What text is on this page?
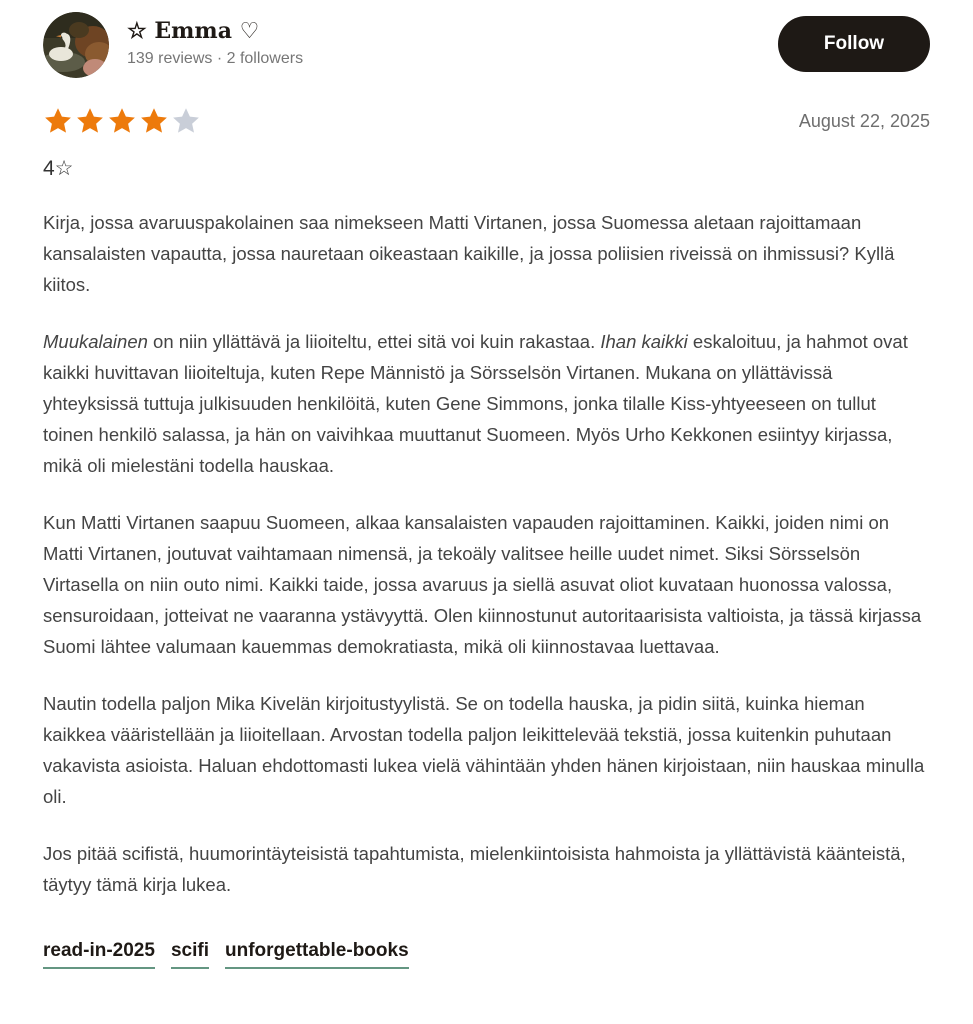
☆ Emma ♡
139 reviews · 2 followers
Follow
August 22, 2025
4☆

Kirja, jossa avaruuspakolainen saa nimekseen Matti Virtanen, jossa Suomessa aletaan rajoittamaan kansalaisten vapautta, jossa nauretaan oikeastaan kaikille, ja jossa poliisien riveissä on ihmissusi? Kyllä kiitos.

Muukalainen on niin yllättävä ja liioiteltu, ettei sitä voi kuin rakastaa. Ihan kaikki eskaloituu, ja hahmot ovat kaikki huvittavan liioiteltuja, kuten Repe Männistö ja Sörsselsön Virtanen. Mukana on yllättävissä yhteyksissä tuttuja julkisuuden henkilöitä, kuten Gene Simmons, jonka tilalle Kiss-yhtyeeseen on tullut toinen henkilö salassa, ja hän on vaivihkaa muuttanut Suomeen. Myös Urho Kekkonen esiintyy kirjassa, mikä oli mielestäni todella hauskaa.

Kun Matti Virtanen saapuu Suomeen, alkaa kansalaisten vapauden rajoittaminen. Kaikki, joiden nimi on Matti Virtanen, joutuvat vaihtamaan nimensä, ja tekoäly valitsee heille uudet nimet. Siksi Sörsselsön Virtasella on niin outo nimi. Kaikki taide, jossa avaruus ja siellä asuvat oliot kuvataan huonossa valossa, sensuroidaan, jotteivat ne vaaranna ystävyyttä. Olen kiinnostunut autoritaarisista valtioista, ja tässä kirjassa Suomi lähtee valumaan kauemmas demokratiasta, mikä oli kiinnostavaa luettavaa.

Nautin todella paljon Mika Kivelän kirjoitustyylistä. Se on todella hauska, ja pidin siitä, kuinka hieman kaikkea vääristellään ja liioitellaan. Arvostan todella paljon leikittelevää tekstiä, jossa kuitenkin puhutaan vakavista asioista. Haluan ehdottomasti lukea vielä vähintään yhden hänen kirjoistaan, niin hauskaa minulla oli.

Jos pitää scifistä, huumorintäyteisistä tapahtumista, mielenkiintoisista hahmoista ja yllättävistä käänteistä, täytyy tämä kirja lukea.

read-in-2025 scifi unforgettable-books
